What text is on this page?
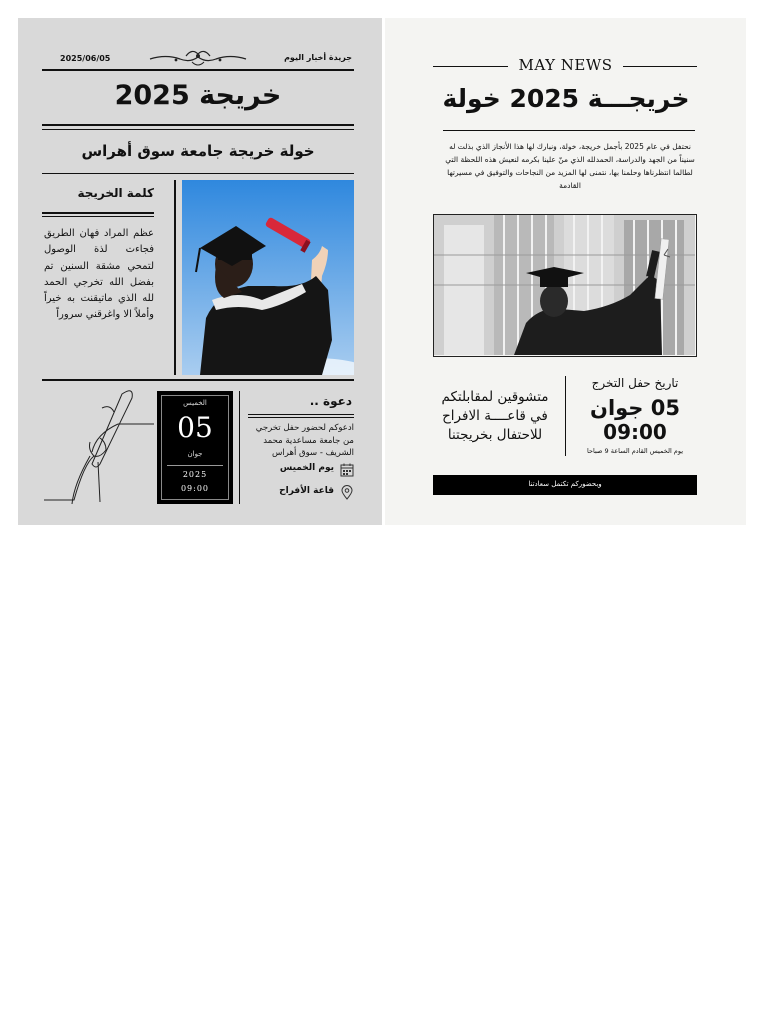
2025/06/05	جريدة أخبار اليوم
خريجة 2025
خولة خريجة جامعة سوق أهراس
كلمة الخريجة
عظم المراد فهان الطريق فجاءت لذة الوصول لتمحي مشقة السنين تم بفضل الله تخرجي الحمد لله الذي ماتيقنت به خيراً وأملاً الا واغرقني سروراً
الخميس
05
جوان
2025
09:00
دعوة ..
ادعوكم لحضور حفل تخرجي من جامعة مساعدية محمد الشريف - سوق أهراس
يوم الخميس
قاعة الأفراح
MAY NEWS
خريجـــة 2025 خولة
نحتفل في عام 2025 بأجمل خريجة، خولة، ونبارك لها هذا الأنجاز الذي بذلت له سنيناً من الجهد والدراسة، الحمدلله الذي منّ علينا بكرمه لنعيش هذه اللحظة التي لطالما انتظرناها وحلمنا بها، نتمنى لها المزيد من النجاحات والتوفيق في مسيرتها القادمة
تاريخ حفل التخرج
05 جوان
09:00
يوم الخميس القادم الساعة 9 صباحا
متشوقين لمقابلتكم
في قاعــــة الافراح
للاحتفال بخريجتنا
وبحضوركم تكتمل سعادتنا
